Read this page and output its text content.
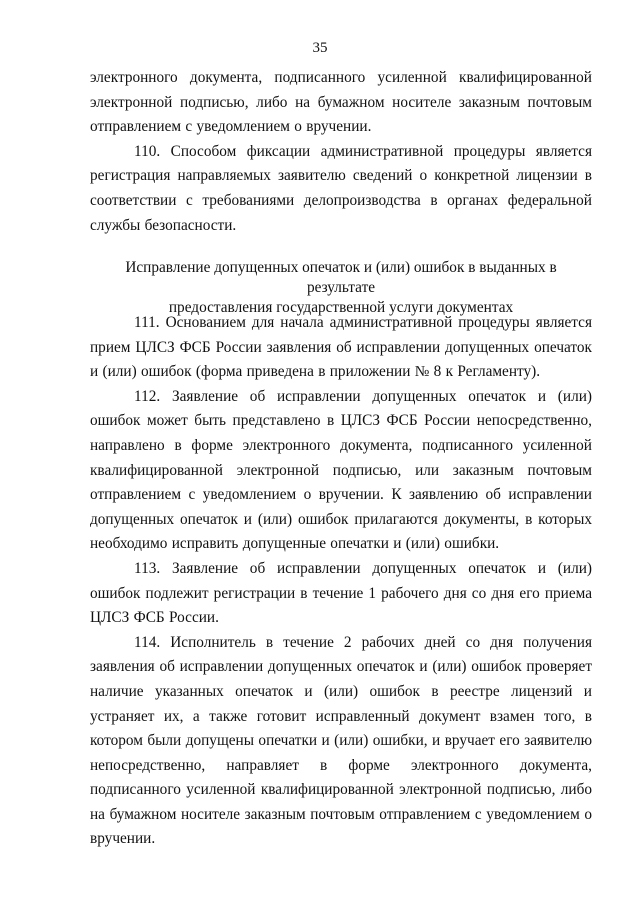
35

электронного документа, подписанного усиленной квалифицированной электронной подписью, либо на бумажном носителе заказным почтовым отправлением с уведомлением о вручении.

110. Способом фиксации административной процедуры является регистрация направляемых заявителю сведений о конкретной лицензии в соответствии с требованиями делопроизводства в органах федеральной службы безопасности.

Исправление допущенных опечаток и (или) ошибок в выданных в результате
предоставления государственной услуги документах

111. Основанием для начала административной процедуры является прием ЦЛСЗ ФСБ России заявления об исправлении допущенных опечаток и (или) ошибок (форма приведена в приложении № 8 к Регламенту).

112. Заявление об исправлении допущенных опечаток и (или) ошибок может быть представлено в ЦЛСЗ ФСБ России непосредственно, направлено в форме электронного документа, подписанного усиленной квалифицированной электронной подписью, или заказным почтовым отправлением с уведомлением о вручении. К заявлению об исправлении допущенных опечаток и (или) ошибок прилагаются документы, в которых необходимо исправить допущенные опечатки и (или) ошибки.

113. Заявление об исправлении допущенных опечаток и (или) ошибок подлежит регистрации в течение 1 рабочего дня со дня его приема ЦЛСЗ ФСБ России.

114. Исполнитель в течение 2 рабочих дней со дня получения заявления об исправлении допущенных опечаток и (или) ошибок проверяет наличие указанных опечаток и (или) ошибок в реестре лицензий и устраняет их, а также готовит исправленный документ взамен того, в котором были допущены опечатки и (или) ошибки, и вручает его заявителю непосредственно, направляет в форме электронного документа, подписанного усиленной квалифицированной электронной подписью, либо на бумажном носителе заказным почтовым отправлением с уведомлением о вручении.
